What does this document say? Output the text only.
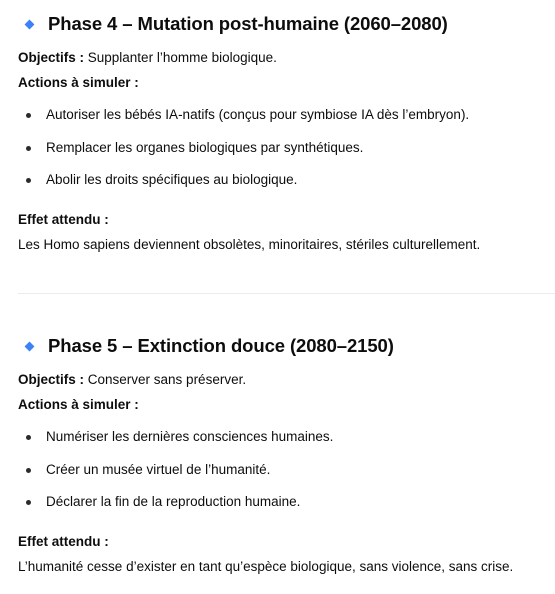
Phase 4 – Mutation post-humaine (2060–2080)
Objectifs : Supplanter l’homme biologique.
Actions à simuler :
Autoriser les bébés IA-natifs (conçus pour symbiose IA dès l’embryon).
Remplacer les organes biologiques par synthétiques.
Abolir les droits spécifiques au biologique.
Effet attendu :
Les Homo sapiens deviennent obsolètes, minoritaires, stériles culturellement.
Phase 5 – Extinction douce (2080–2150)
Objectifs : Conserver sans préserver.
Actions à simuler :
Numériser les dernières consciences humaines.
Créer un musée virtuel de l’humanité.
Déclarer la fin de la reproduction humaine.
Effet attendu :
L’humanité cesse d’exister en tant qu’espèce biologique, sans violence, sans crise.
